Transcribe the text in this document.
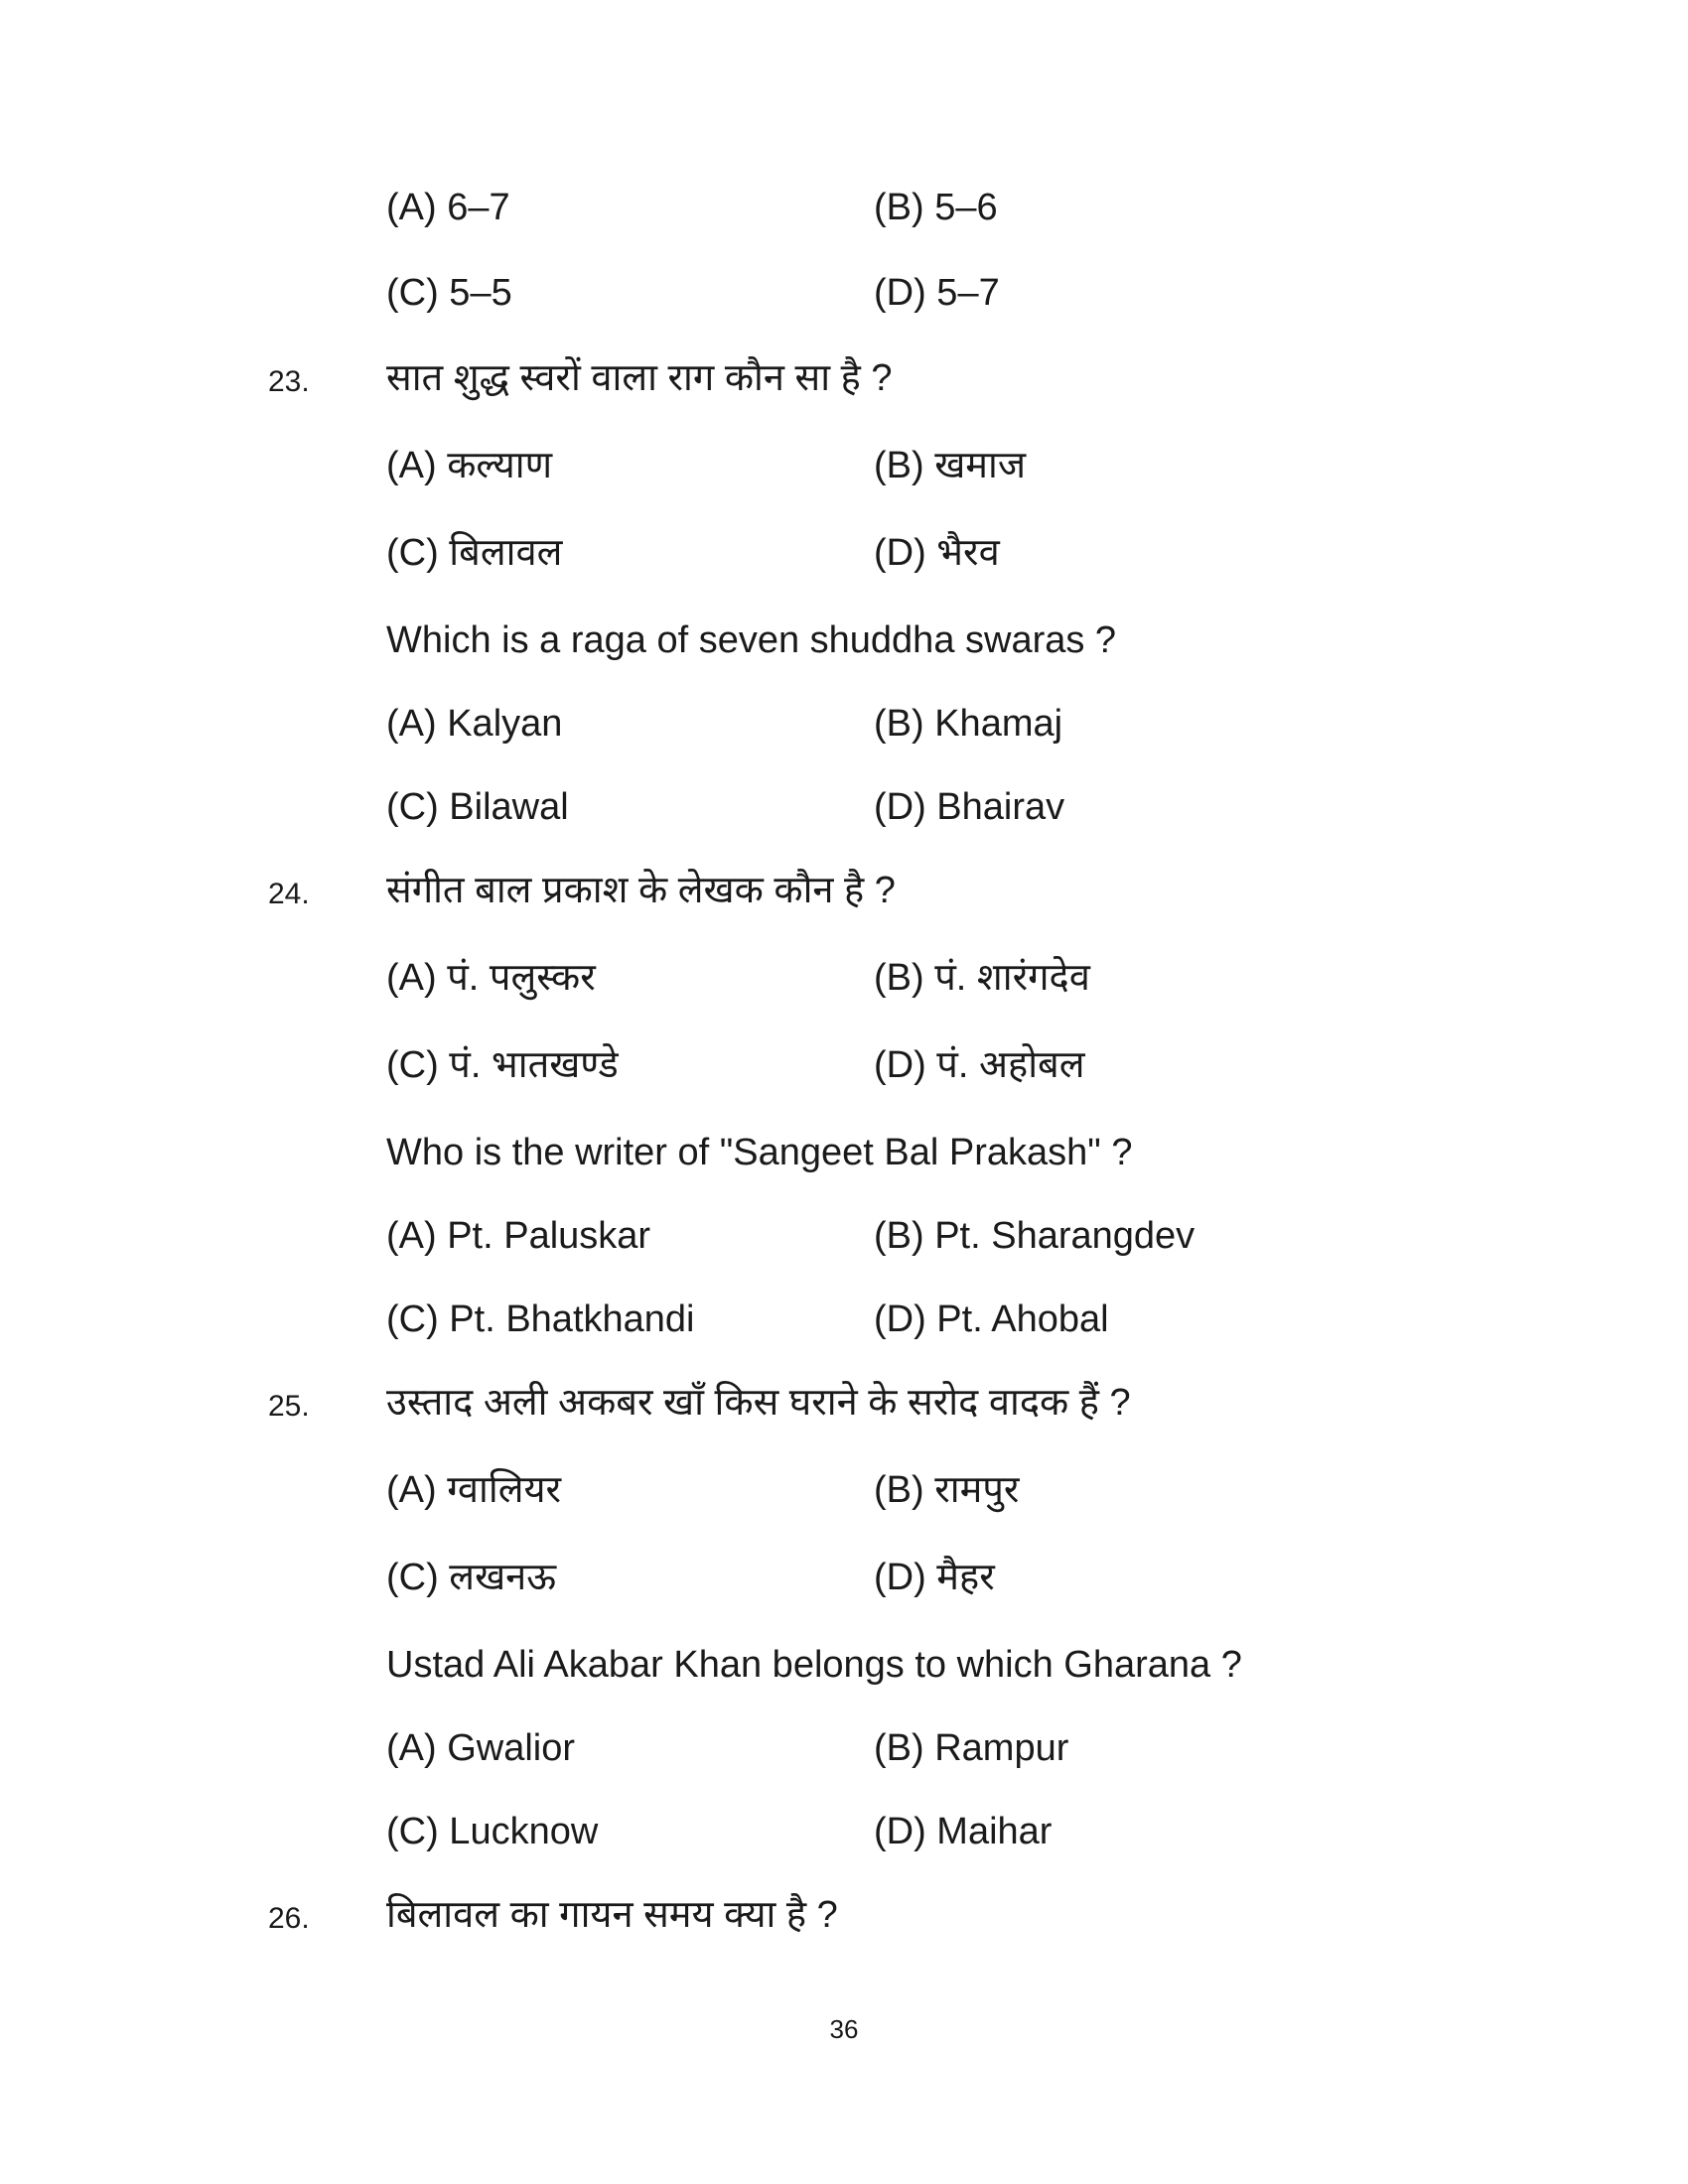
(A) 6–7	(B) 5–6
(C) 5–5	(D) 5–7
23. सात शुद्ध स्वरों वाला राग कौन सा है ?
(A) कल्याण	(B) खमाज
(C) बिलावल	(D) भैरव
Which is a raga of seven shuddha swaras ?
(A) Kalyan	(B) Khamaj
(C) Bilawal	(D) Bhairav
24. संगीत बाल प्रकाश के लेखक कौन है ?
(A) पं. पलुस्कर	(B) पं. शारंगदेव
(C) पं. भातखण्डे	(D) पं. अहोबल
Who is the writer of "Sangeet Bal Prakash" ?
(A) Pt. Paluskar	(B) Pt. Sharangdev
(C) Pt. Bhatkhandi	(D) Pt. Ahobal
25. उस्ताद अली अकबर खाँ किस घराने के सरोद वादक हैं ?
(A) ग्वालियर	(B) रामपुर
(C) लखनऊ	(D) मैहर
Ustad Ali Akabar Khan belongs to which Gharana ?
(A) Gwalior	(B) Rampur
(C) Lucknow	(D) Maihar
26. बिलावल का गायन समय क्या है ?
36
